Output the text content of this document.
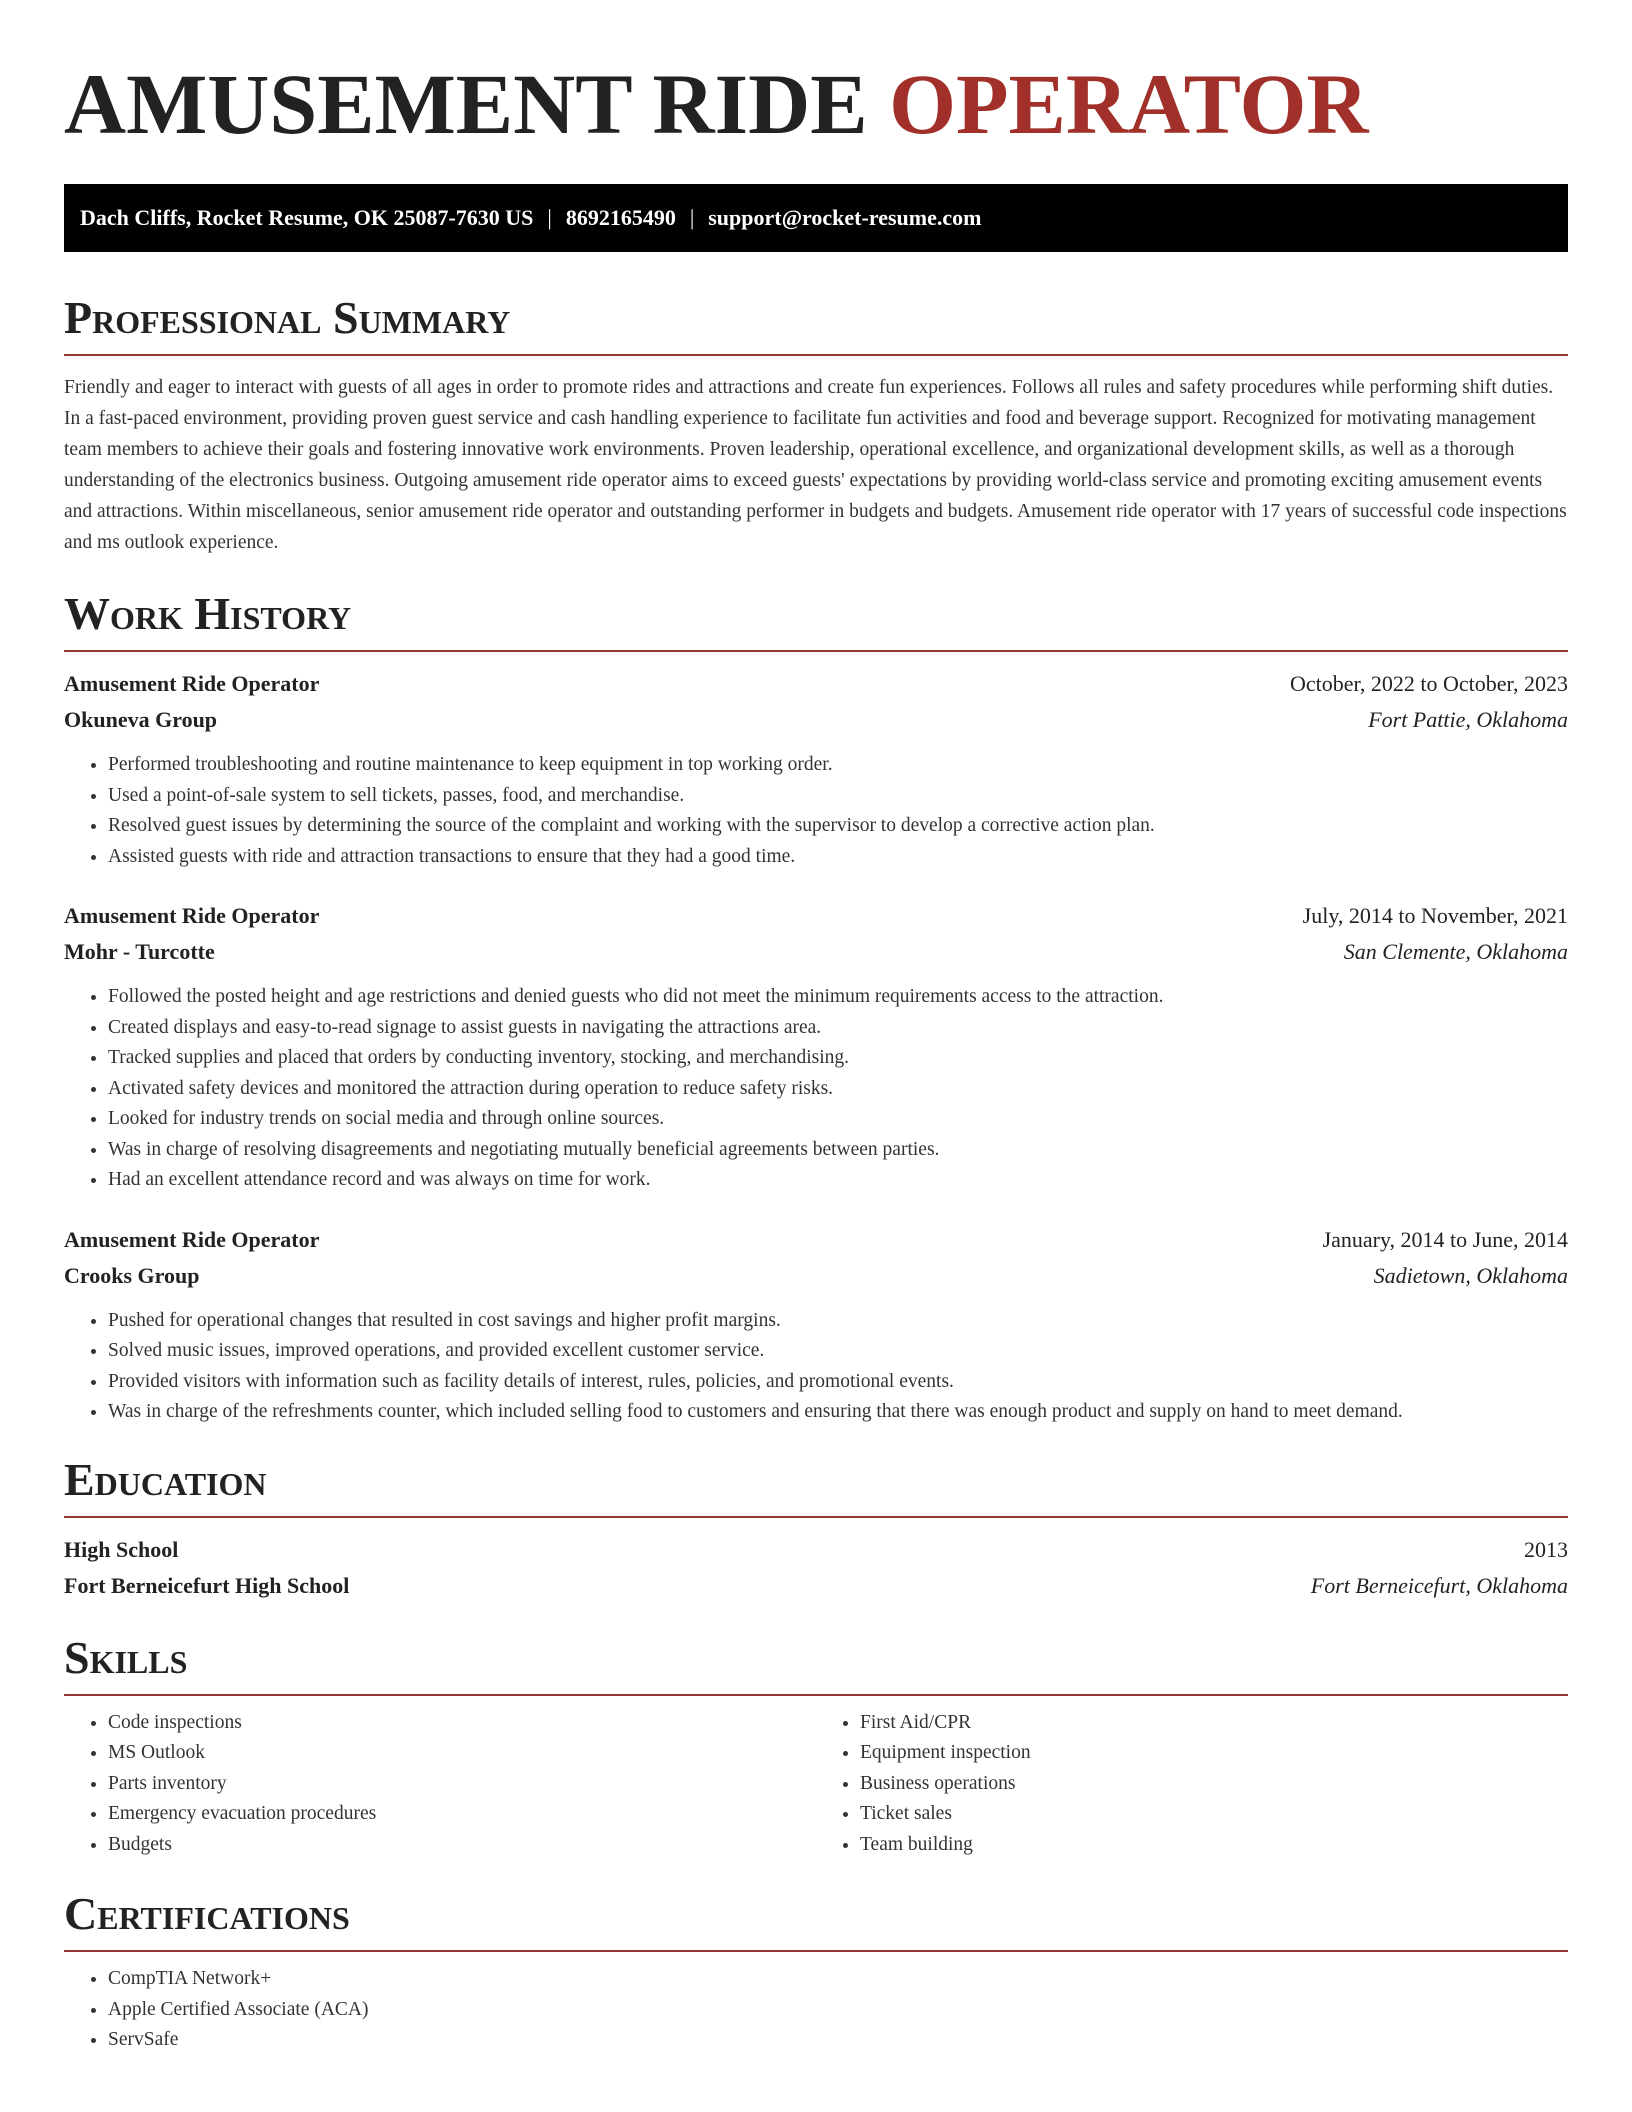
AMUSEMENT RIDE OPERATOR
Dach Cliffs, Rocket Resume, OK 25087-7630 US | 8692165490 | support@rocket-resume.com
Professional Summary

Friendly and eager to interact with guests of all ages in order to promote rides and attractions and create fun experiences. Follows all rules and safety procedures while performing shift duties. In a fast-paced environment, providing proven guest service and cash handling experience to facilitate fun activities and food and beverage support. Recognized for motivating management team members to achieve their goals and fostering innovative work environments. Proven leadership, operational excellence, and organizational development skills, as well as a thorough understanding of the electronics business. Outgoing amusement ride operator aims to exceed guests' expectations by providing world-class service and promoting exciting amusement events and attractions. Within miscellaneous, senior amusement ride operator and outstanding performer in budgets and budgets. Amusement ride operator with 17 years of successful code inspections and ms outlook experience.

Work History
Amusement Ride Operator	October, 2022 to October, 2023
Okuneva Group	Fort Pattie, Oklahoma
• Performed troubleshooting and routine maintenance to keep equipment in top working order.
• Used a point-of-sale system to sell tickets, passes, food, and merchandise.
• Resolved guest issues by determining the source of the complaint and working with the supervisor to develop a corrective action plan.
• Assisted guests with ride and attraction transactions to ensure that they had a good time.
Amusement Ride Operator	July, 2014 to November, 2021
Mohr - Turcotte	San Clemente, Oklahoma
• Followed the posted height and age restrictions and denied guests who did not meet the minimum requirements access to the attraction.
• Created displays and easy-to-read signage to assist guests in navigating the attractions area.
• Tracked supplies and placed that orders by conducting inventory, stocking, and merchandising.
• Activated safety devices and monitored the attraction during operation to reduce safety risks.
• Looked for industry trends on social media and through online sources.
• Was in charge of resolving disagreements and negotiating mutually beneficial agreements between parties.
• Had an excellent attendance record and was always on time for work.
Amusement Ride Operator	January, 2014 to June, 2014
Crooks Group	Sadietown, Oklahoma
• Pushed for operational changes that resulted in cost savings and higher profit margins.
• Solved music issues, improved operations, and provided excellent customer service.
• Provided visitors with information such as facility details of interest, rules, policies, and promotional events.
• Was in charge of the refreshments counter, which included selling food to customers and ensuring that there was enough product and supply on hand to meet demand.
Education
High School	2013
Fort Berneicefurt High School	Fort Berneicefurt, Oklahoma
Skills
• Code inspections
• MS Outlook
• Parts inventory
• Emergency evacuation procedures
• Budgets
• First Aid/CPR
• Equipment inspection
• Business operations
• Ticket sales
• Team building
Certifications
• CompTIA Network+
• Apple Certified Associate (ACA)
• ServSafe
